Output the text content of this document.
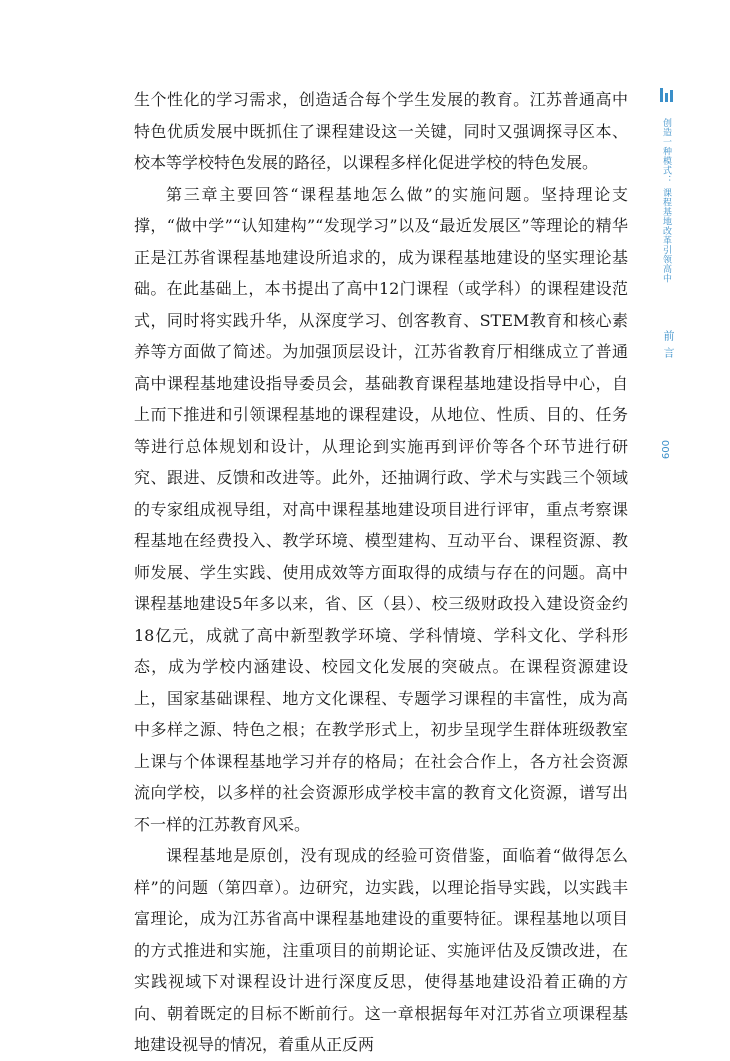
生个性化的学习需求，创造适合每个学生发展的教育。江苏普通高中特色优质发展中既抓住了课程建设这一关键，同时又强调探寻区本、校本等学校特色发展的路径，以课程多样化促进学校的特色发展。

第三章主要回答“课程基地怎么做”的实施问题。坚持理论支撑，“做中学”“认知建构”“发现学习”以及“最近发展区”等理论的精华正是江苏省课程基地建设所追求的，成为课程基地建设的坚实理论基础。在此基础上，本书提出了高中12门课程（或学科）的课程建设范式，同时将实践升华，从深度学习、创客教育、STEM教育和核心素养等方面做了简述。为加强顶层设计，江苏省教育厅相继成立了普通高中课程基地建设指导委员会，基础教育课程基地建设指导中心，自上而下推进和引领课程基地的课程建设，从地位、性质、目的、任务等进行总体规划和设计，从理论到实施再到评价等各个环节进行研究、跟进、反馈和改进等。此外，还抽调行政、学术与实践三个领域的专家组成视导组，对高中课程基地建设项目进行评审，重点考察课程基地在经费投入、教学环境、模型建构、互动平台、课程资源、教师发展、学生实践、使用成效等方面取得的成绩与存在的问题。高中课程基地建设5年多以来，省、区（县）、校三级财政投入建设资金约18亿元，成就了高中新型教学环境、学科情境、学科文化、学科形态，成为学校内涵建设、校园文化发展的突破点。在课程资源建设上，国家基础课程、地方文化课程、专题学习课程的丰富性，成为高中多样之源、特色之根；在教学形式上，初步呈现学生群体班级教室上课与个体课程基地学习并存的格局；在社会合作上，各方社会资源流向学校，以多样的社会资源形成学校丰富的教育文化资源，谱写出不一样的江苏教育风采。

课程基地是原创，没有现成的经验可资借鉴，面临着“做得怎么样”的问题（第四章）。边研究，边实践，以理论指导实践，以实践丰富理论，成为江苏省高中课程基地建设的重要特征。课程基地以项目的方式推进和实施，注重项目的前期论证、实施评估及反馈改进，在实践视域下对课程设计进行深度反思，使得基地建设沿着正确的方向、朝着既定的目标不断前行。这一章根据每年对江苏省立项课程基地建设视导的情况，着重从正反两

创造一种模式：
课程基地改革引领高中
前言
009
